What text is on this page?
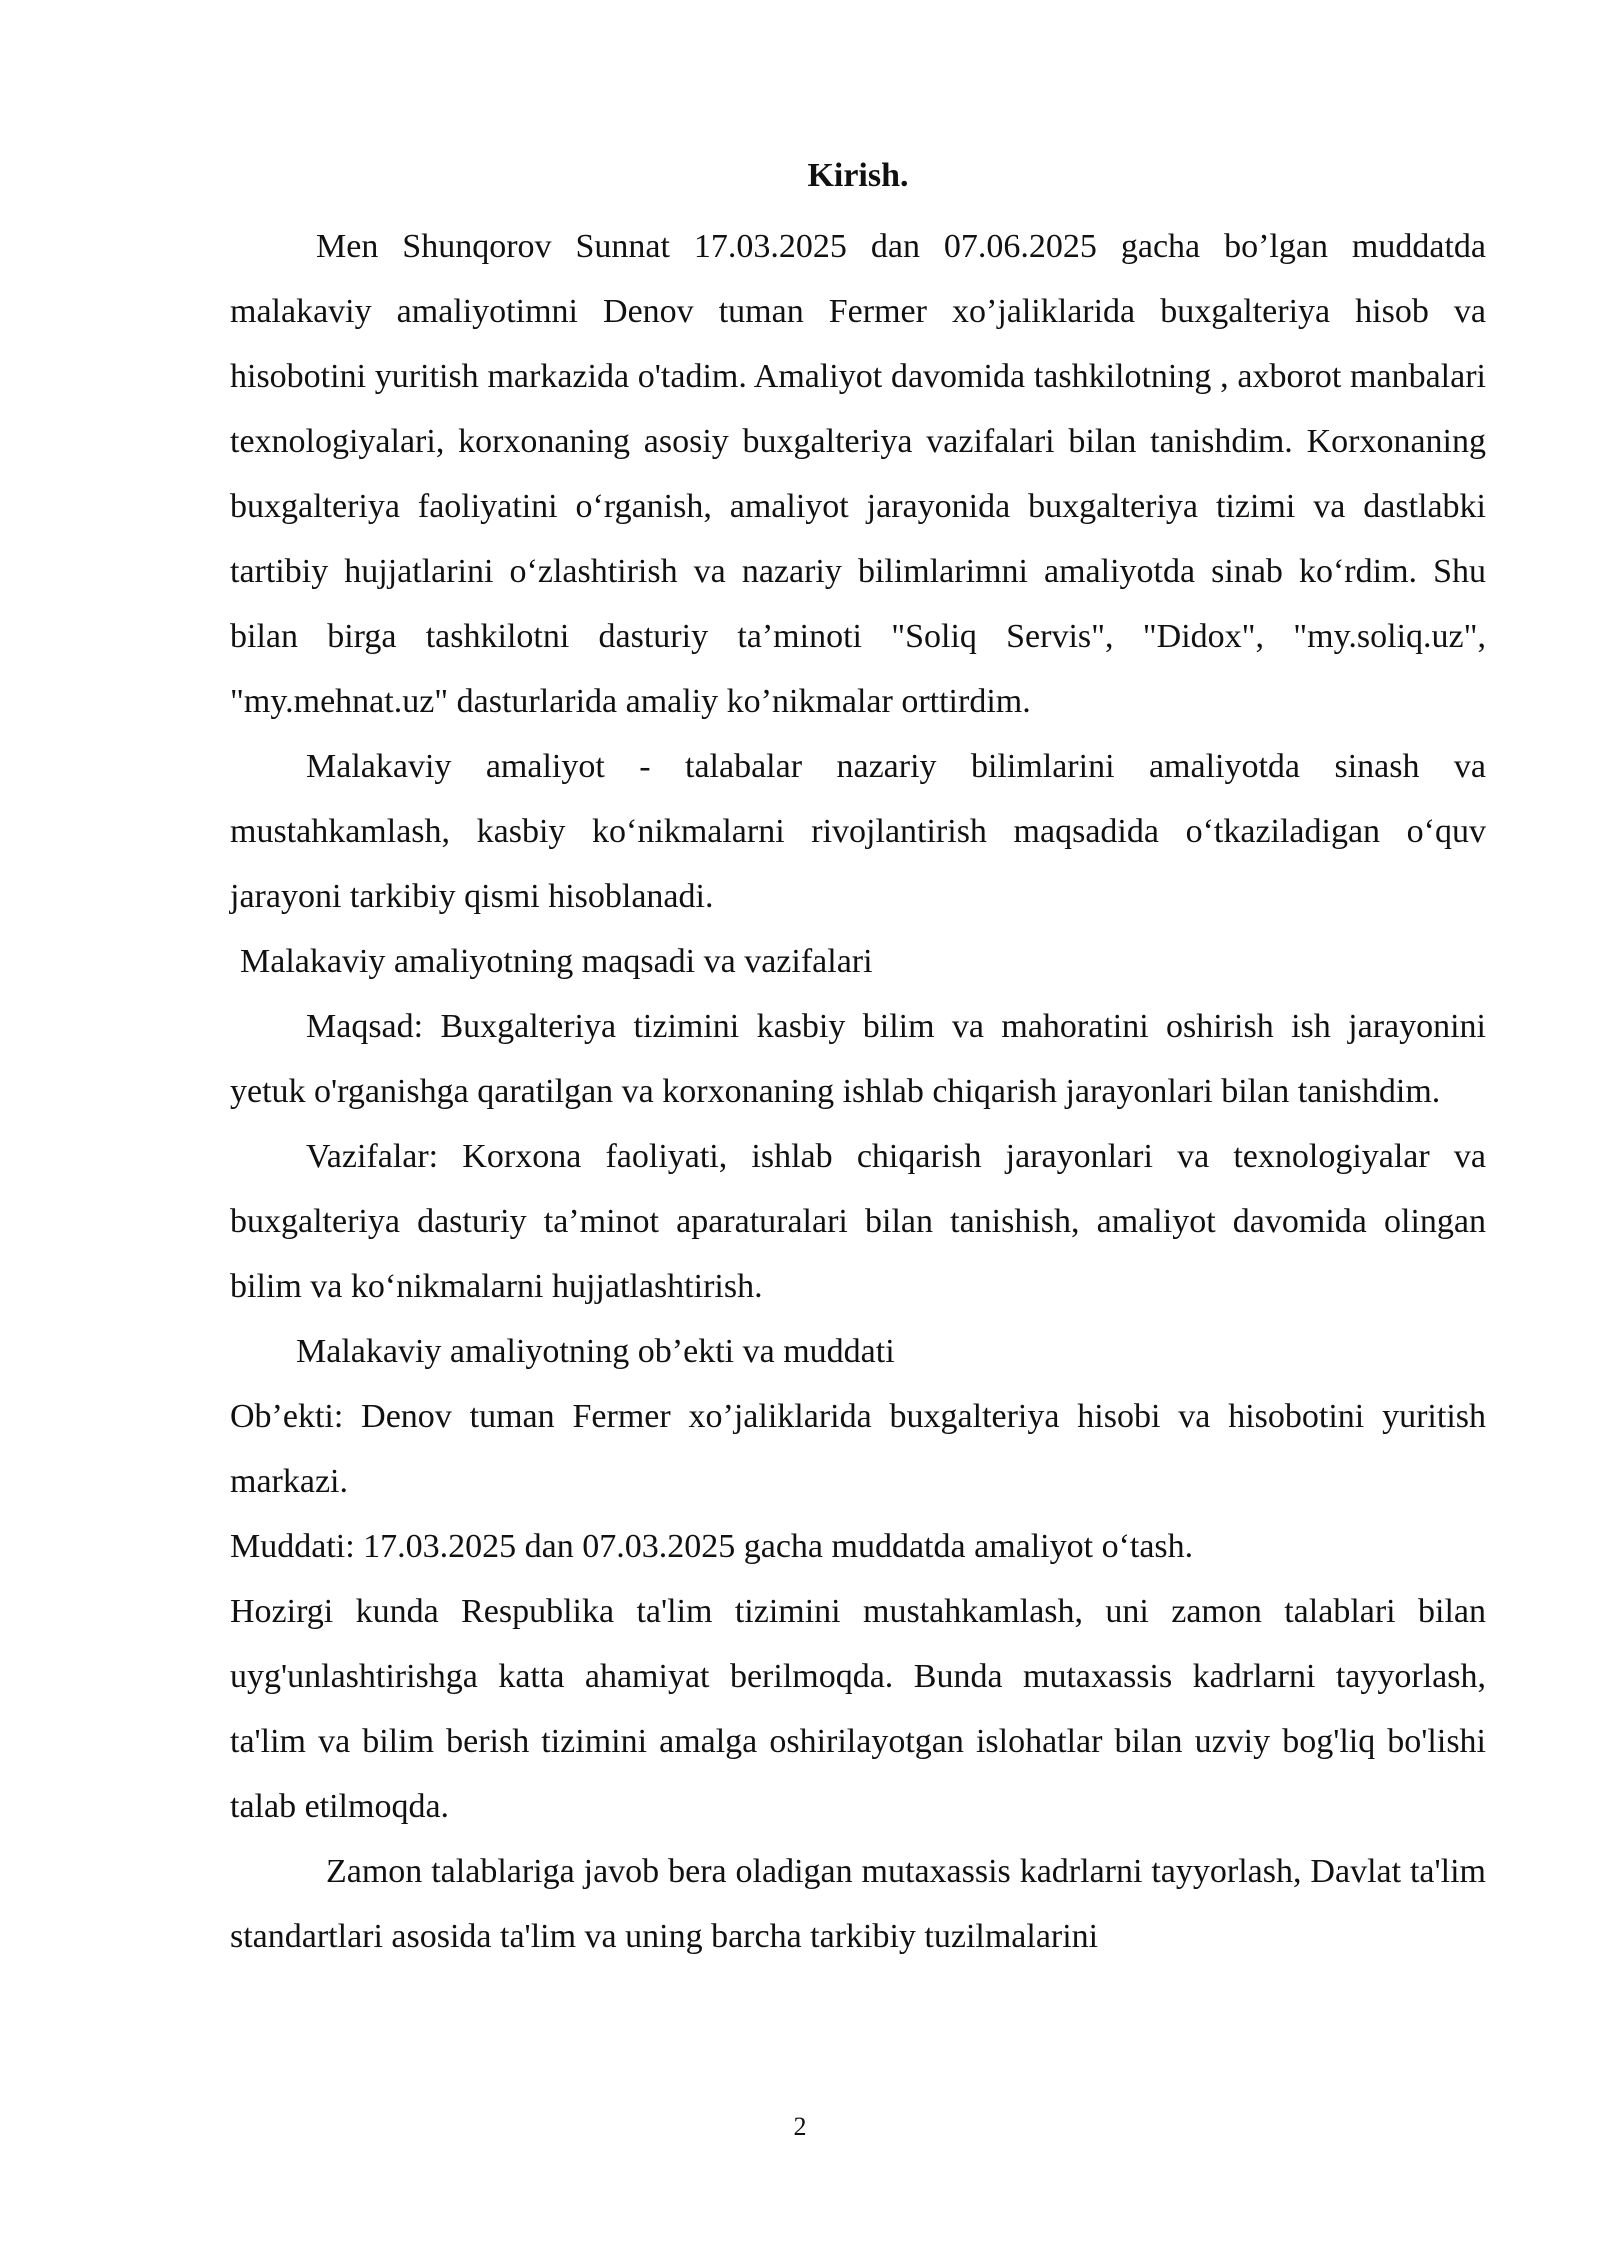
Kirish.

Men Shunqorov Sunnat 17.03.2025 dan 07.06.2025 gacha bo’lgan muddatda malakaviy amaliyotimni Denov tuman Fermer xo’jaliklarida buxgalteriya hisob va hisobotini yuritish markazida o'tadim. Amaliyot davomida tashkilotning , axborot manbalari texnologiyalari, korxonaning asosiy buxgalteriya vazifalari bilan tanishdim. Korxonaning buxgalteriya faoliyatini o‘rganish, amaliyot jarayonida buxgalteriya tizimi va dastlabki tartibiy hujjatlarini o‘zlashtirish va nazariy bilimlarimni amaliyotda sinab ko‘rdim. Shu bilan birga tashkilotni dasturiy ta’minoti "Soliq Servis", "Didox", "my.soliq.uz", "my.mehnat.uz" dasturlarida amaliy ko’nikmalar orttirdim.

Malakaviy amaliyot - talabalar nazariy bilimlarini amaliyotda sinash va mustahkamlash, kasbiy ko‘nikmalarni rivojlantirish maqsadida o‘tkaziladigan o‘quv jarayoni tarkibiy qismi hisoblanadi.

Malakaviy amaliyotning maqsadi va vazifalari

Maqsad: Buxgalteriya tizimini kasbiy bilim va mahoratini oshirish ish jarayonini yetuk o'rganishga qaratilgan va korxonaning ishlab chiqarish jarayonlari bilan tanishdim.

Vazifalar: Korxona faoliyati, ishlab chiqarish jarayonlari va texnologiyalar va buxgalteriya dasturiy ta’minot aparaturalari bilan tanishish, amaliyot davomida olingan bilim va ko‘nikmalarni hujjatlashtirish.

Malakaviy amaliyotning ob’ekti va muddati

Ob’ekti: Denov tuman Fermer xo’jaliklarida buxgalteriya hisobi va hisobotini yuritish markazi.

Muddati: 17.03.2025 dan 07.03.2025 gacha muddatda amaliyot o‘tash.

Hozirgi kunda Respublika ta'lim tizimini mustahkamlash, uni zamon talablari bilan uyg'unlashtirishga katta ahamiyat berilmoqda. Bunda mutaxassis kadrlarni tayyorlash, ta'lim va bilim berish tizimini amalga oshirilayotgan islohatlar bilan uzviy bog'liq bo'lishi talab etilmoqda.

Zamon talablariga javob bera oladigan mutaxassis kadrlarni tayyorlash, Davlat ta'lim standartlari asosida ta'lim va uning barcha tarkibiy tuzilmalarini

2
